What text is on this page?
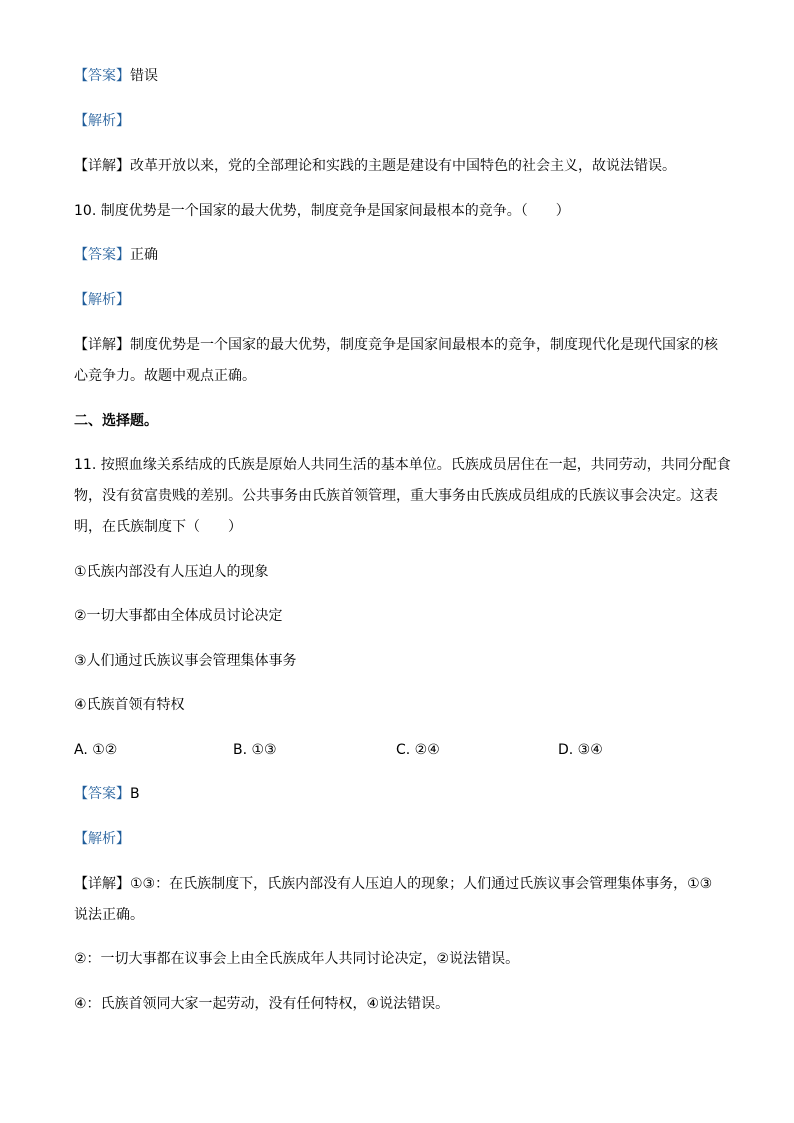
【答案】错误
【解析】
【详解】改革开放以来，党的全部理论和实践的主题是建设有中国特色的社会主义，故说法错误。
10. 制度优势是一个国家的最大优势，制度竞争是国家间最根本的竞争。（　　）
【答案】正确
【解析】
【详解】制度优势是一个国家的最大优势，制度竞争是国家间最根本的竞争，制度现代化是现代国家的核
心竞争力。故题中观点正确。
二、选择题。
11. 按照血缘关系结成的氏族是原始人共同生活的基本单位。氏族成员居住在一起，共同劳动，共同分配食
物，没有贫富贵贱的差别。公共事务由氏族首领管理，重大事务由氏族成员组成的氏族议事会决定。这表
明，在氏族制度下（　　）
①氏族内部没有人压迫人的现象
②一切大事都由全体成员讨论决定
③人们通过氏族议事会管理集体事务
④氏族首领有特权
A. ①②	B. ①③	C. ②④	D. ③④
【答案】B
【解析】
【详解】①③：在氏族制度下，氏族内部没有人压迫人的现象；人们通过氏族议事会管理集体事务，①③
说法正确。
②：一切大事都在议事会上由全氏族成年人共同讨论决定，②说法错误。
④：氏族首领同大家一起劳动，没有任何特权，④说法错误。
